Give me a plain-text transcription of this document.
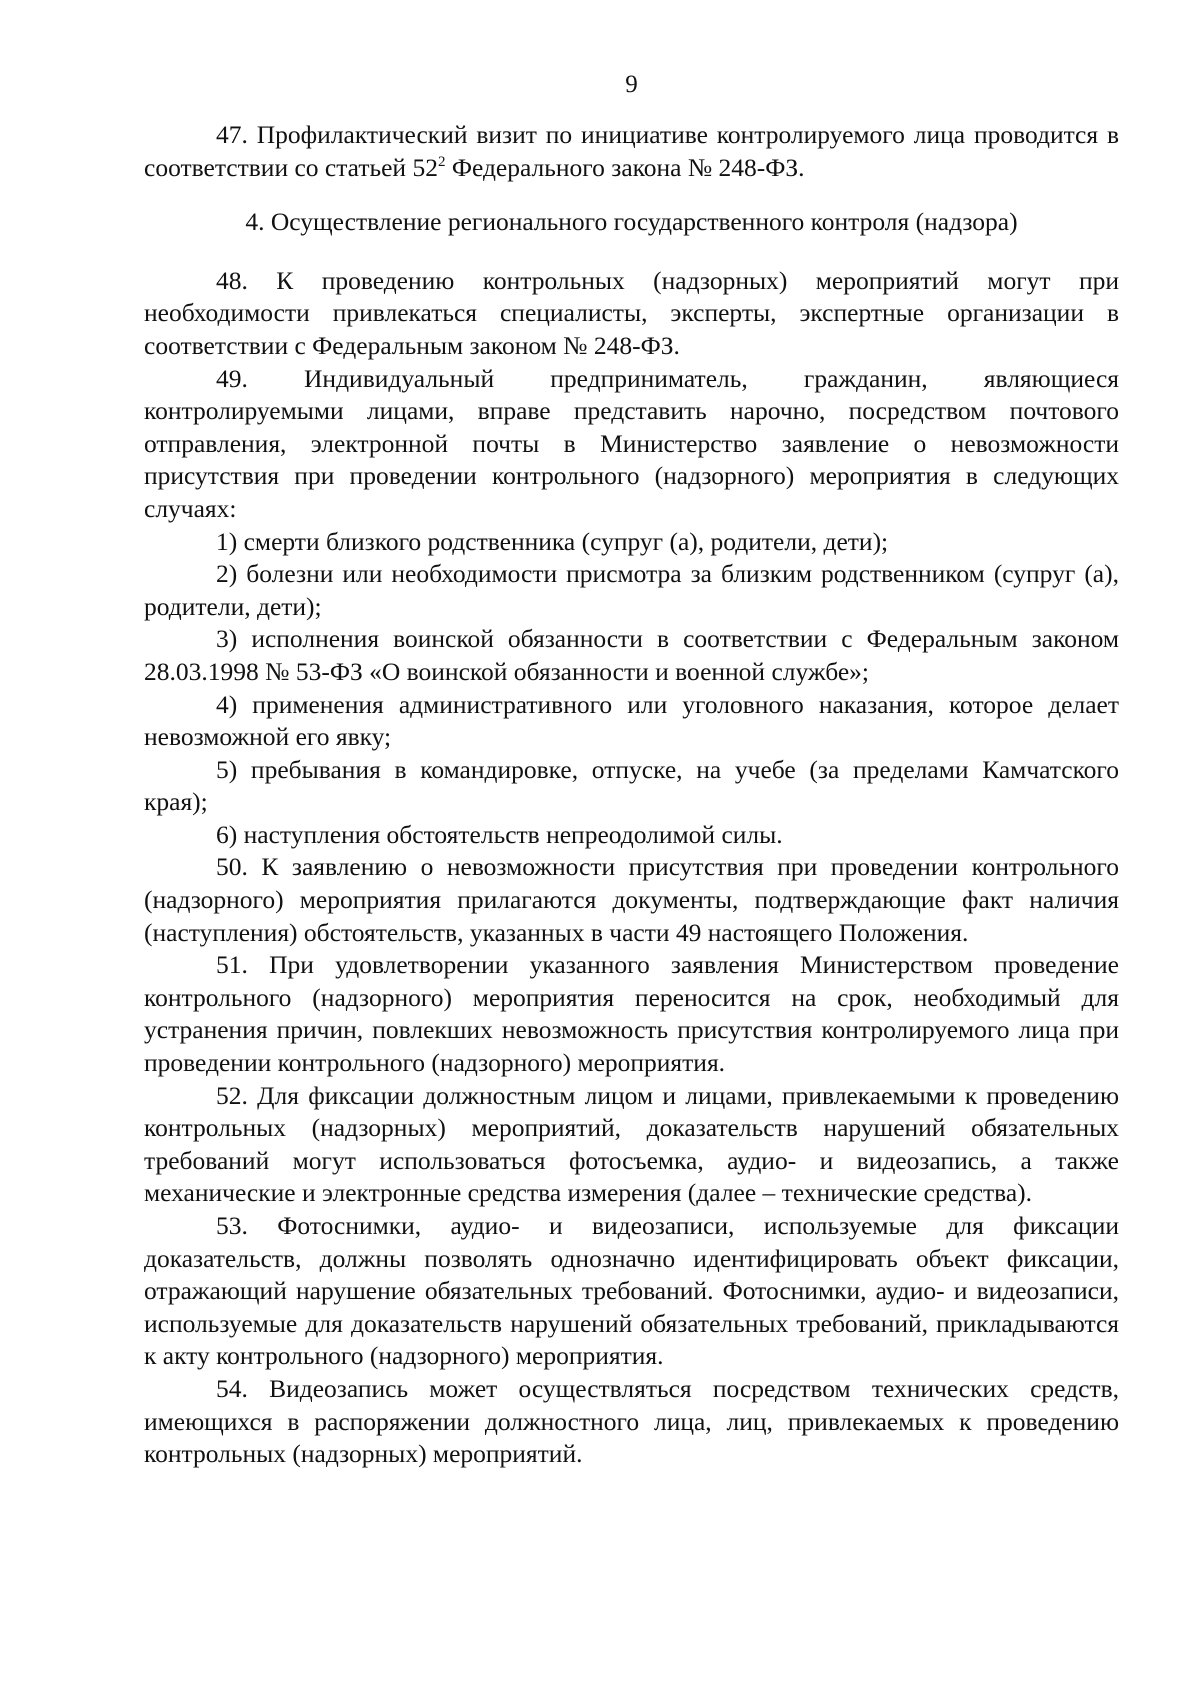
9

47. Профилактический визит по инициативе контролируемого лица проводится в соответствии со статьей $52^2$ Федерального закона № 248-ФЗ.

4. Осуществление регионального государственного контроля (надзора)

48. К проведению контрольных (надзорных) мероприятий могут при необходимости привлекаться специалисты, эксперты, экспертные организации в соответствии с Федеральным законом № 248-ФЗ.

49. Индивидуальный предприниматель, гражданин, являющиеся контролируемыми лицами, вправе представить нарочно, посредством почтового отправления, электронной почты в Министерство заявление о невозможности присутствия при проведении контрольного (надзорного) мероприятия в следующих случаях:

1) смерти близкого родственника (супруг (а), родители, дети);

2) болезни или необходимости присмотра за близким родственником (супруг (а), родители, дети);

3) исполнения воинской обязанности в соответствии с Федеральным законом 28.03.1998 № 53-ФЗ «О воинской обязанности и военной службе»;

4) применения административного или уголовного наказания, которое делает невозможной его явку;

5) пребывания в командировке, отпуске, на учебе (за пределами Камчатского края);

6) наступления обстоятельств непреодолимой силы.

50. К заявлению о невозможности присутствия при проведении контрольного (надзорного) мероприятия прилагаются документы, подтверждающие факт наличия (наступления) обстоятельств, указанных в части 49 настоящего Положения.

51. При удовлетворении указанного заявления Министерством проведение контрольного (надзорного) мероприятия переносится на срок, необходимый для устранения причин, повлекших невозможность присутствия контролируемого лица при проведении контрольного (надзорного) мероприятия.

52. Для фиксации должностным лицом и лицами, привлекаемыми к проведению контрольных (надзорных) мероприятий, доказательств нарушений обязательных требований могут использоваться фотосъемка, аудио- и видеозапись, а также механические и электронные средства измерения (далее – технические средства).

53. Фотоснимки, аудио- и видеозаписи, используемые для фиксации доказательств, должны позволять однозначно идентифицировать объект фиксации, отражающий нарушение обязательных требований. Фотоснимки, аудио- и видеозаписи, используемые для доказательств нарушений обязательных требований, прикладываются к акту контрольного (надзорного) мероприятия.

54. Видеозапись может осуществляться посредством технических средств, имеющихся в распоряжении должностного лица, лиц, привлекаемых к проведению контрольных (надзорных) мероприятий.
